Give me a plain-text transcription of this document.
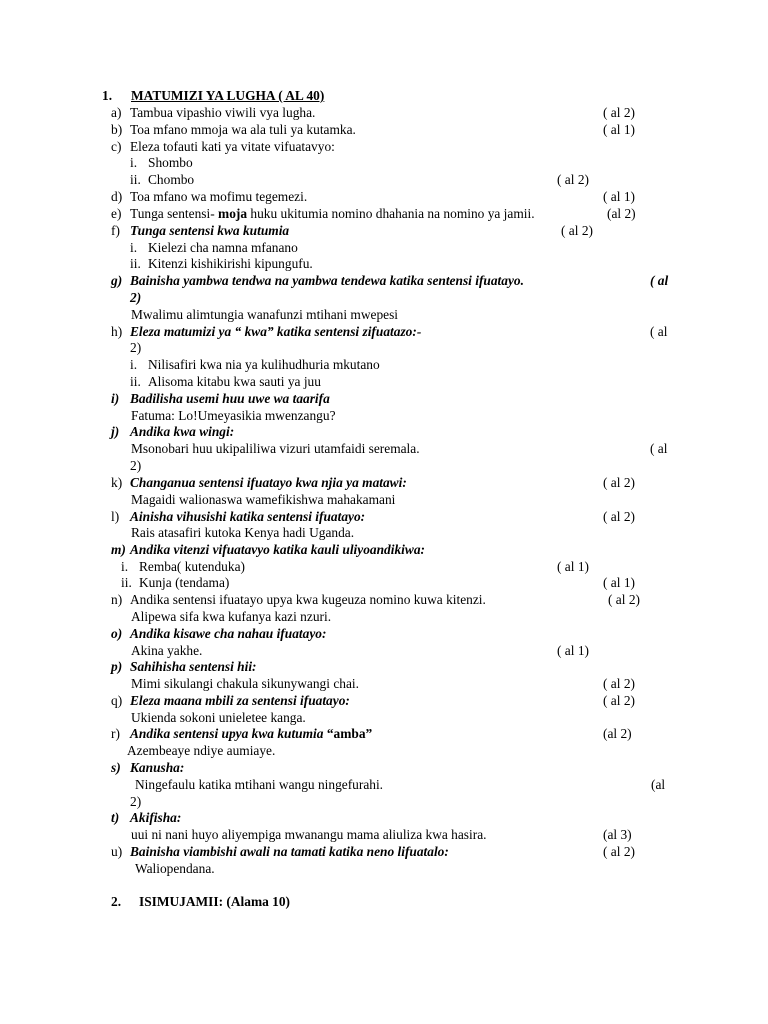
1. MATUMIZI YA LUGHA ( AL 40)
a) Tambua vipashio viwili vya lugha.	( al 2)
b) Toa mfano mmoja wa ala tuli ya kutamka.	( al 1)
c) Eleza tofauti kati ya vitate vifuatavyo:
i. Shombo
ii. Chombo	( al 2)
d) Toa mfano wa mofimu tegemezi.	( al 1)
e) Tunga sentensi- moja huku ukitumia nomino dhahania na nomino ya jamii.	(al 2)
f) Tunga sentensi kwa kutumia	( al 2)
i. Kielezi cha namna mfanano
ii. Kitenzi kishikirishi kipungufu.
g) Bainisha yambwa tendwa na yambwa tendewa katika sentensi ifuatayo.	( al
2)
Mwalimu alimtungia wanafunzi mtihani mwepesi
h) Eleza matumizi ya “ kwa” katika sentensi zifuatazo:-	( al
2)
i. Nilisafiri kwa nia ya kulihudhuria mkutano
ii. Alisoma kitabu kwa sauti ya juu
i) Badilisha usemi huu uwe wa taarifa
Fatuma: Lo!Umeyasikia mwenzangu?
j) Andika kwa wingi:
Msonobari huu ukipaliliwa vizuri utamfaidi seremala.	( al
2)
k) Changanua sentensi ifuatayo kwa njia ya matawi:	( al 2)
Magaidi walionaswa wamefikishwa mahakamani
l) Ainisha vihusishi katika sentensi ifuatayo:	( al 2)
Rais atasafiri kutoka Kenya hadi Uganda.
m) Andika vitenzi vifuatavyo katika kauli uliyoandikiwa:
i. Remba( kutenduka)	( al 1)
ii. Kunja (tendama)	( al 1)
n) Andika sentensi ifuatayo upya kwa kugeuza nomino kuwa kitenzi.	( al 2)
Alipewa sifa kwa kufanya kazi nzuri.
o) Andika kisawe cha nahau ifuatayo:
Akina yakhe.	( al 1)
p) Sahihisha sentensi hii:
Mimi sikulangi chakula sikunywangi chai.	( al 2)
q) Eleza maana mbili za sentensi ifuatayo:	( al 2)
Ukienda sokoni unieletee kanga.
r) Andika sentensi upya kwa kutumia “amba”	(al 2)
Azembeaye ndiye aumiaye.
s) Kanusha:
Ningefaulu katika mtihani wangu ningefurahi.	(al
2)
t) Akifisha:
uui ni nani huyo aliyempiga mwanangu mama aliuliza kwa hasira.	(al 3)
u) Bainisha viambishi awali na tamati katika neno lifuatalo:	( al 2)
Waliopendana.
2. ISIMUJAMII: (Alama 10)
